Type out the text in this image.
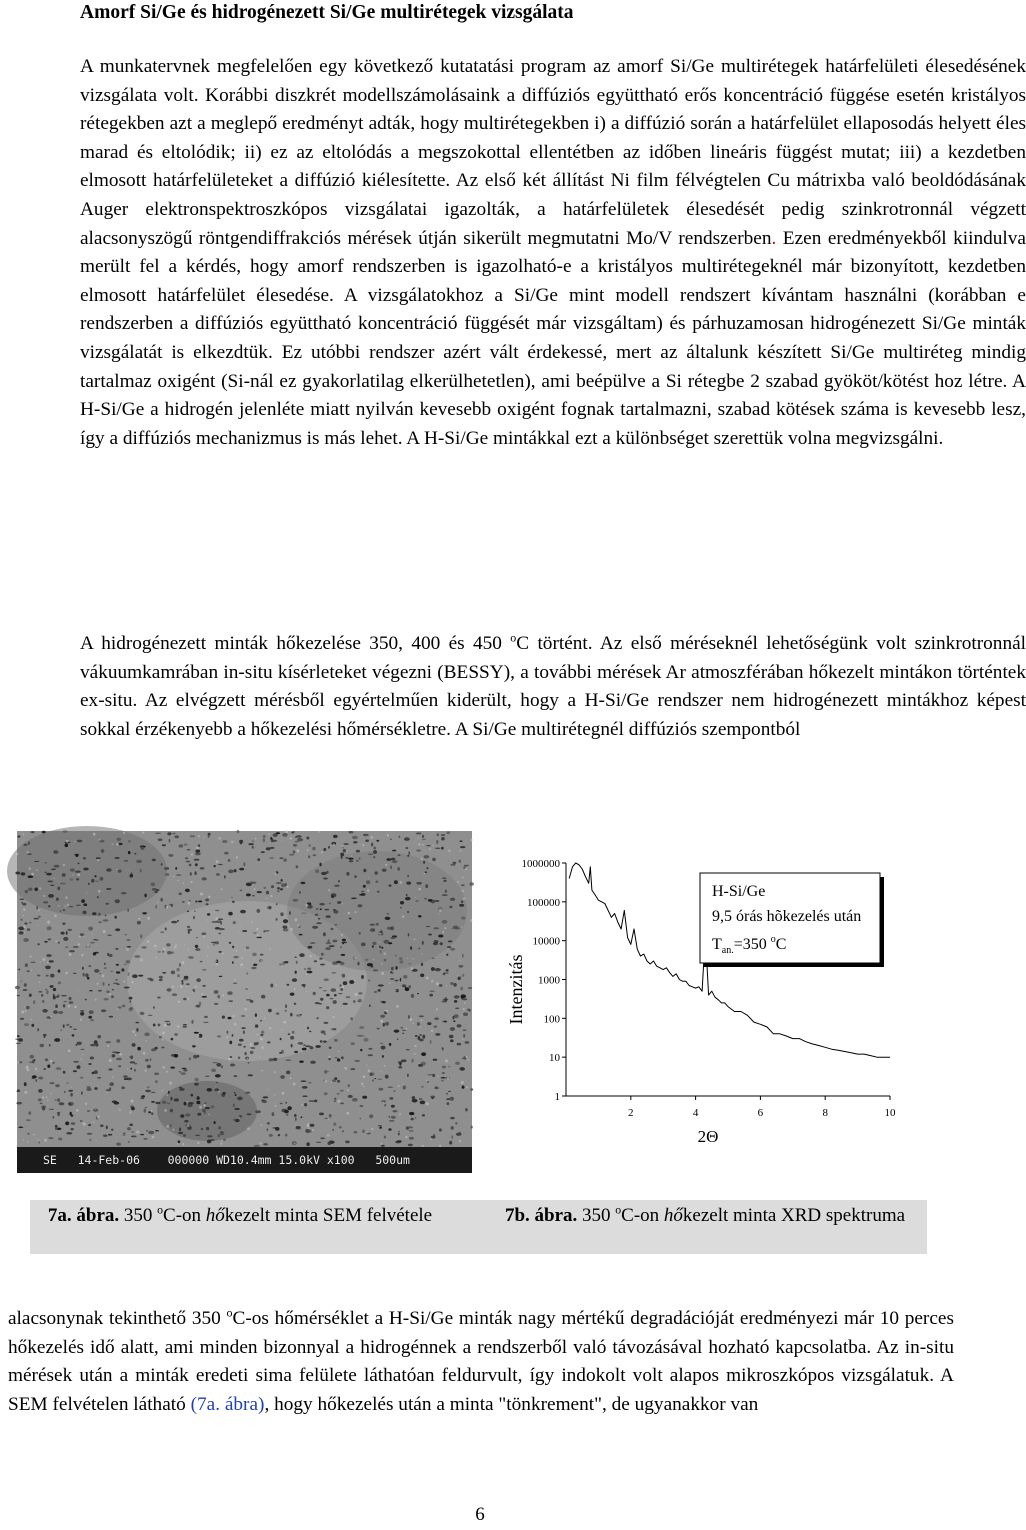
Amorf Si/Ge és hidrogénezett Si/Ge multirétegek vizsgálata

A munkatervnek megfelelően egy következő kutatatási program az amorf Si/Ge multirétegek határfelületi élesedésének vizsgálata volt. Korábbi diszkrét modellszámolásaink a diffúziós együttható erős koncentráció függése esetén kristályos rétegekben azt a meglepő eredményt adták, hogy multirétegekben i) a diffúzió során a határfelület ellaposodás helyett éles marad és eltolódik; ii) ez az eltolódás a megszokottal ellentétben az időben lineáris függést mutat; iii) a kezdetben elmosott határfelületeket a diffúzió kiélesítette. Az első két állítást Ni film félvégtelen Cu mátrixba való beoldódásának Auger elektronspektroszkópos vizsgálatai igazolták, a határfelületek élesedését pedig szinkrotronnál végzett alacsonyszögű röntgendiffrakciós mérések útján sikerült megmutatni Mo/V rendszerben. Ezen eredményekből kiindulva merült fel a kérdés, hogy amorf rendszerben is igazolható-e a kristályos multirétegeknél már bizonyított, kezdetben elmosott határfelület élesedése. A vizsgálatokhoz a Si/Ge mint modell rendszert kívántam használni (korábban e rendszerben a diffúziós együttható koncentráció függését már vizsgáltam) és párhuzamosan hidrogénezett Si/Ge minták vizsgálatát is elkezdtük. Ez utóbbi rendszer azért vált érdekessé, mert az általunk készített Si/Ge multiréteg mindig tartalmaz oxigént (Si-nál ez gyakorlatilag elkerülhetetlen), ami beépülve a Si rétegbe 2 szabad gyököt/kötést hoz létre. A H-Si/Ge a hidrogén jelenléte miatt nyilván kevesebb oxigént fognak tartalmazni, szabad kötések száma is kevesebb lesz, így a diffúziós mechanizmus is más lehet. A H-Si/Ge mintákkal ezt a különbséget szerettük volna megvizsgálni.

A hidrogénezett minták hőkezelése 350, 400 és 450 $^o$C történt. Az első méréseknél lehetőségünk volt szinkrotronnál vákuumkamrában in-situ kísérleteket végezni (BESSY), a további mérések Ar atmoszférában hőkezelt mintákon történtek ex-situ. Az elvégzett mérésből egyértelműen kiderült, hogy a H-Si/Ge rendszer nem hidrogénezett mintákhoz képest sokkal érzékenyebb a hőkezelési hőmérsékletre. A Si/Ge multirétegnél diffúziós szempontból

SE   14-Feb-06    000000 WD10.4mm 15.0kV x100   500um
1
10
100
1000
10000
100000
1000000
2	4	6	8	10
2Θ
Intenzitás
H-Si/Ge
9,5 órás hõkezelés után
$T_{an.}=350$ $^o$C
7a. ábra. 350 $^o$C-on hőkezelt minta SEM felvétele	7b. ábra. 350 $^o$C-on hőkezelt minta XRD spektruma

alacsonynak tekinthető 350 $^o$C-os hőmérséklet a H-Si/Ge minták nagy mértékű degradációját eredményezi már 10 perces hőkezelés idő alatt, ami minden bizonnyal a hidrogénnek a rendszerből való távozásával hozható kapcsolatba. Az in-situ mérések után a minták eredeti sima felülete láthatóan feldurvult, így indokolt volt alapos mikroszkópos vizsgálatuk. A SEM felvételen látható (7a. ábra), hogy hőkezelés után a minta "tönkrement", de ugyanakkor van

6
